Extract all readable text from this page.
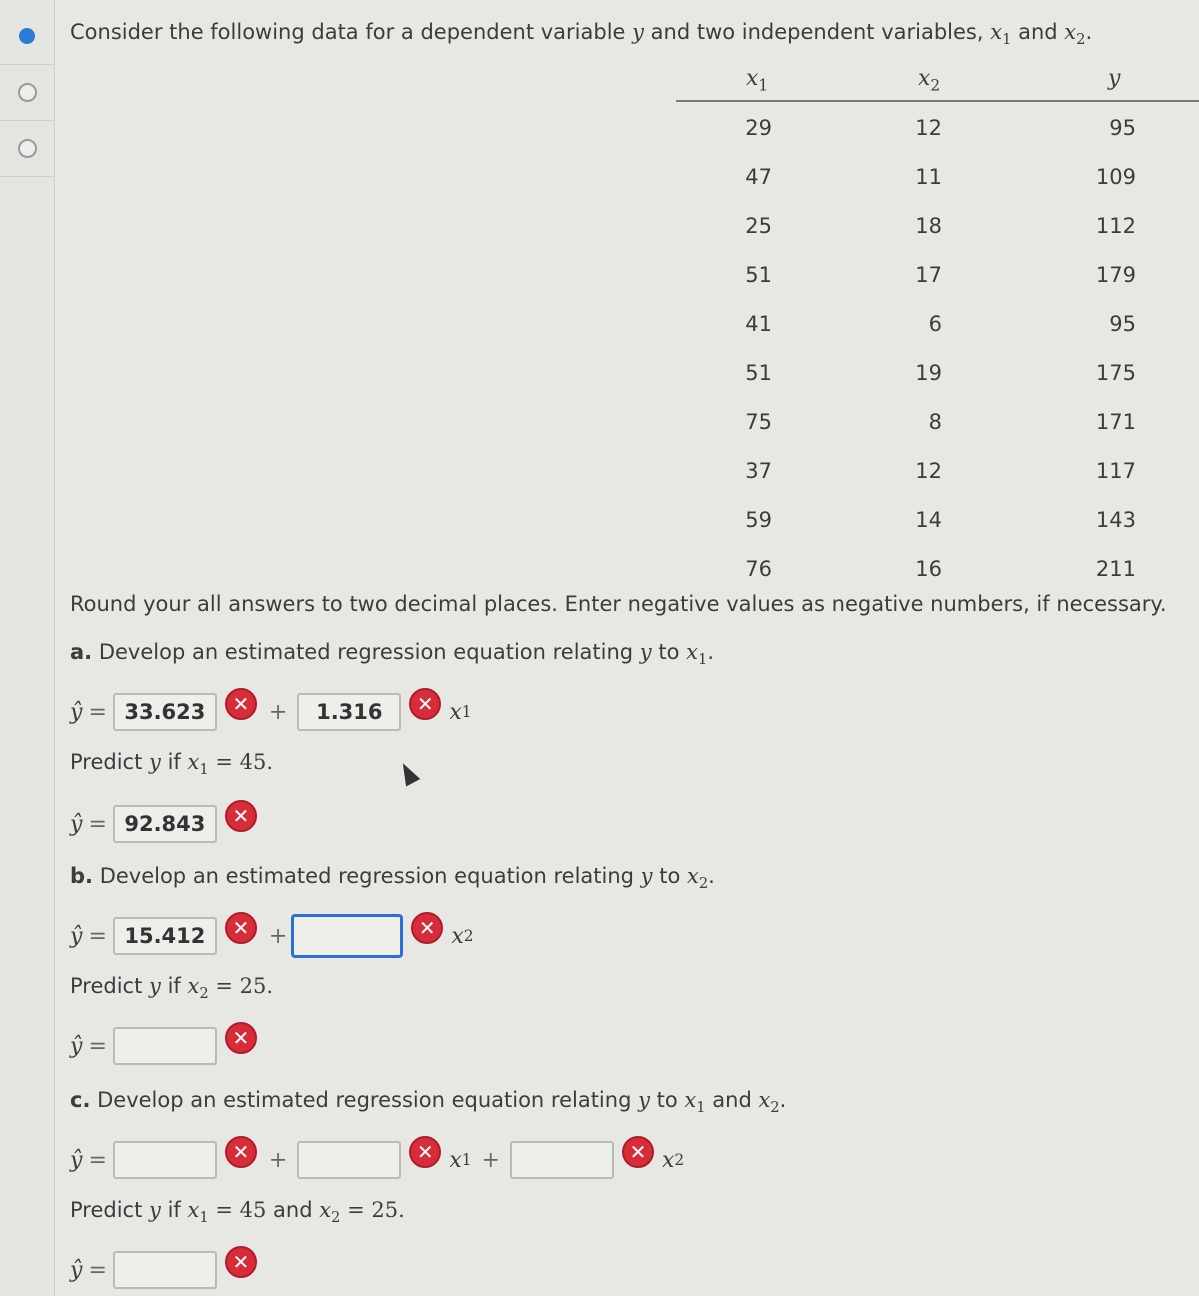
Consider the following data for a dependent variable y and two independent variables, $x_1$ and $x_2$.
$x_1$	$x_2$	y
29	12	95
47	11	109
25	18	112
51	17	179
41	6	95
51	19	175
75	8	171
37	12	117
59	14	143
76	16	211
Round your all answers to two decimal places. Enter negative values as negative numbers, if necessary.
a. Develop an estimated regression equation relating y to $x_1$.
ŷ = 33.623	✕ +	1.316	✕ x 1
Predict y if $x_1 = 45$.
ŷ = 92.843	✕
b. Develop an estimated regression equation relating y to $x_2$.
ŷ = 15.412	✕ +	✕ x 2
Predict y if $x_2 = 25$.
ŷ =	✕
c. Develop an estimated regression equation relating y to $x_1$ and $x_2$.
ŷ =	✕ +	✕ x 1 +	✕ x 2
Predict y if $x_1 = 45$ and $x_2 = 25$.
ŷ =	✕
